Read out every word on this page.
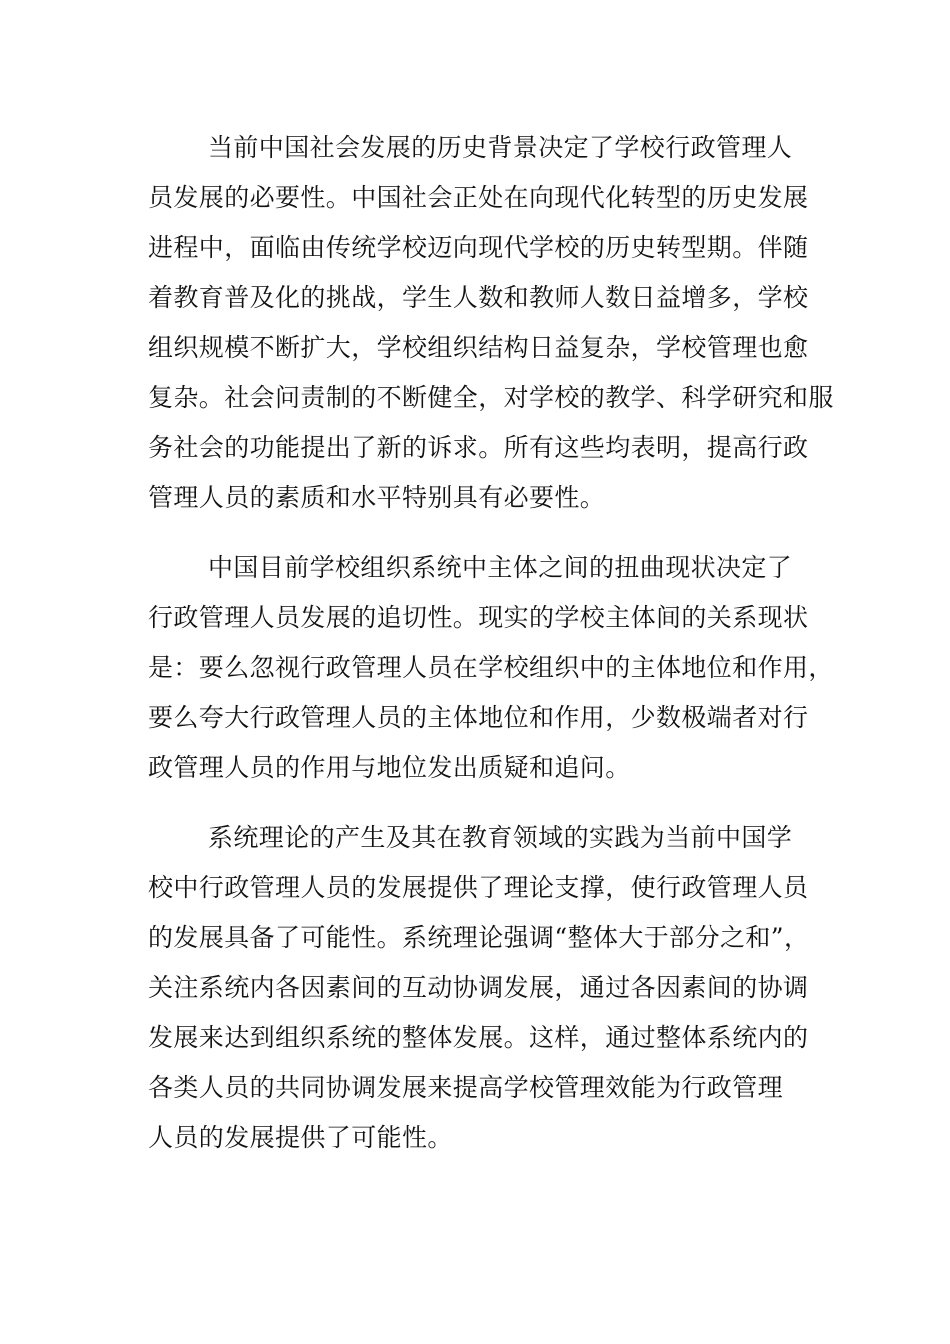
当前中国社会发展的历史背景决定了学校行政管理人
员发展的必要性。中国社会正处在向现代化转型的历史发展
进程中，面临由传统学校迈向现代学校的历史转型期。伴随
着教育普及化的挑战，学生人数和教师人数日益增多，学校
组织规模不断扩大，学校组织结构日益复杂，学校管理也愈
复杂。社会问责制的不断健全，对学校的教学、科学研究和服
务社会的功能提出了新的诉求。所有这些均表明，提高行政
管理人员的素质和水平特别具有必要性。
中国目前学校组织系统中主体之间的扭曲现状决定了
行政管理人员发展的追切性。现实的学校主体间的关系现状
是：要么忽视行政管理人员在学校组织中的主体地位和作用，
要么夸大行政管理人员的主体地位和作用，少数极端者对行
政管理人员的作用与地位发出质疑和追问。
系统理论的产生及其在教育领域的实践为当前中国学
校中行政管理人员的发展提供了理论支撑，使行政管理人员
的发展具备了可能性。系统理论强调“整体大于部分之和”，
关注系统内各因素间的互动协调发展，通过各因素间的协调
发展来达到组织系统的整体发展。这样，通过整体系统内的
各类人员的共同协调发展来提高学校管理效能为行政管理
人员的发展提供了可能性。
